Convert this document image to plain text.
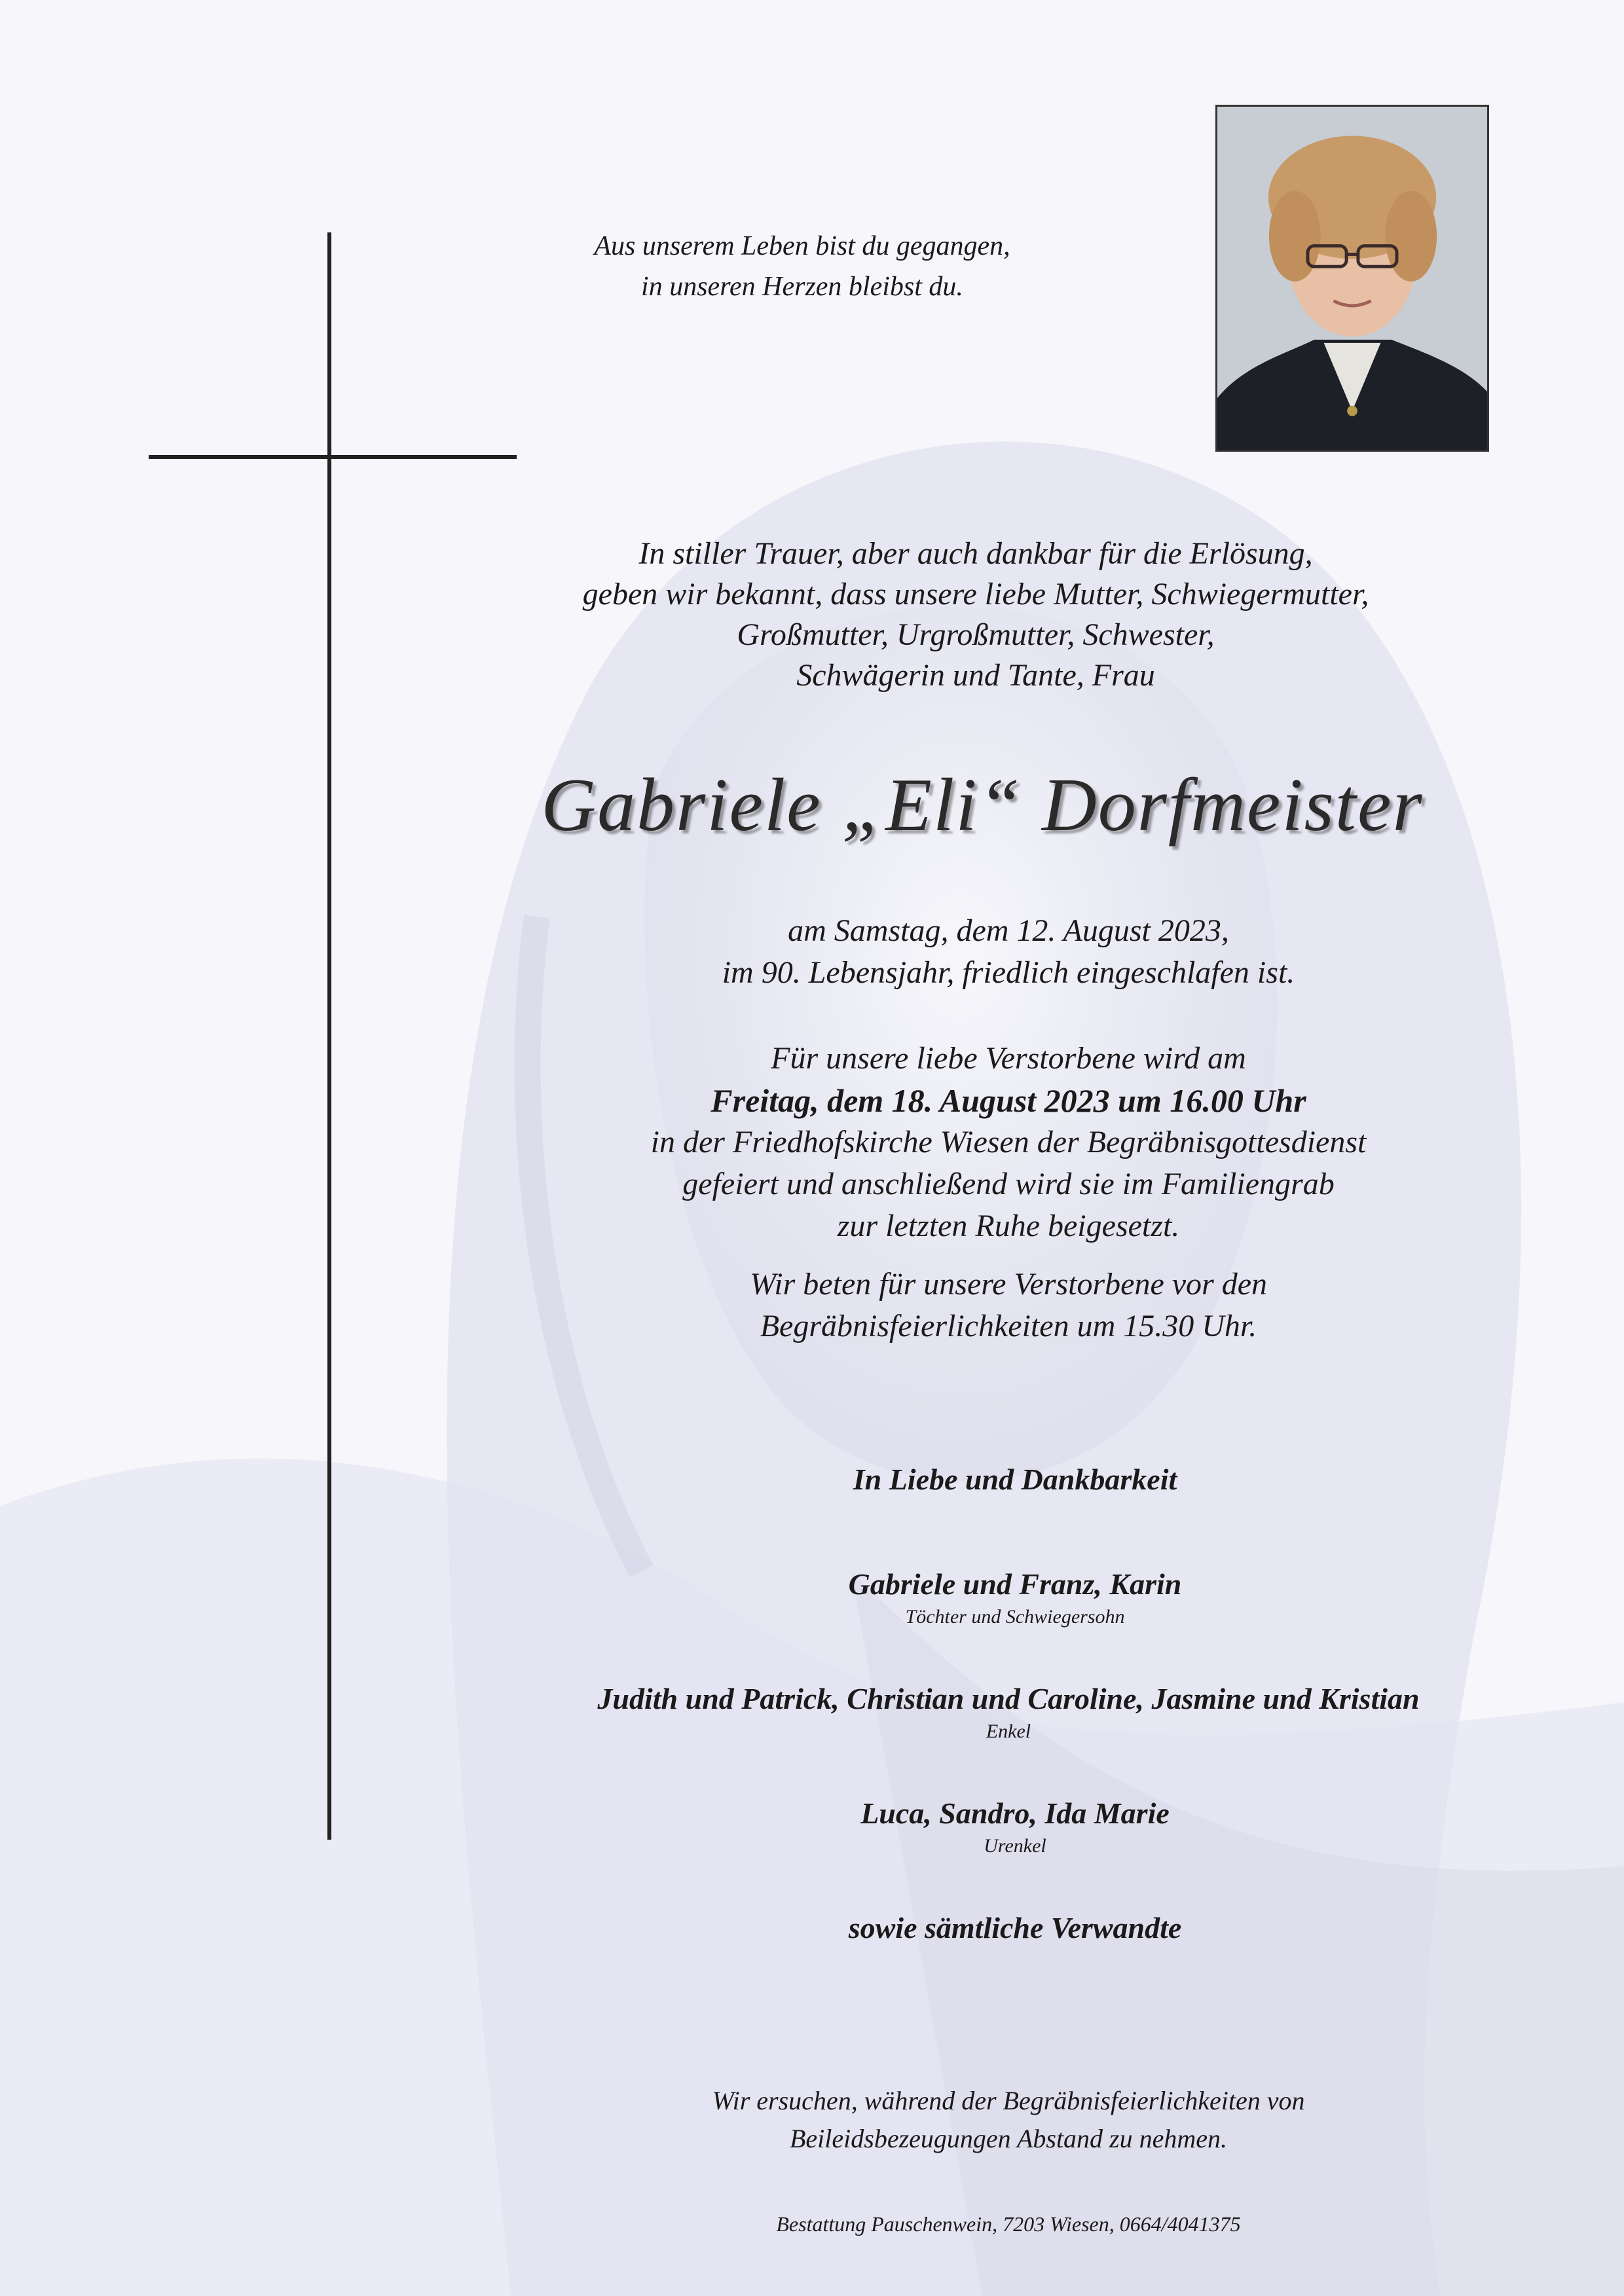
Aus unserem Leben bist du gegangen,
in unseren Herzen bleibst du.
In stiller Trauer, aber auch dankbar für die Erlösung,
geben wir bekannt, dass unsere liebe Mutter, Schwiegermutter,
Großmutter, Urgroßmutter, Schwester,
Schwägerin und Tante, Frau
Gabriele „Eli“ Dorfmeister
am Samstag, dem 12. August 2023,
im 90. Lebensjahr, friedlich eingeschlafen ist.
Für unsere liebe Verstorbene wird am
Freitag, dem 18. August 2023 um 16.00 Uhr
in der Friedhofskirche Wiesen der Begräbnisgottesdienst
gefeiert und anschließend wird sie im Familiengrab
zur letzten Ruhe beigesetzt.
Wir beten für unsere Verstorbene vor den
Begräbnisfeierlichkeiten um 15.30 Uhr.
In Liebe und Dankbarkeit
Gabriele und Franz, Karin
Töchter und Schwiegersohn
Judith und Patrick, Christian und Caroline, Jasmine und Kristian
Enkel
Luca, Sandro, Ida Marie
Urenkel
sowie sämtliche Verwandte
Wir ersuchen, während der Begräbnisfeierlichkeiten von
Beileidsbezeugungen Abstand zu nehmen.
Bestattung Pauschenwein, 7203 Wiesen, 0664/4041375
